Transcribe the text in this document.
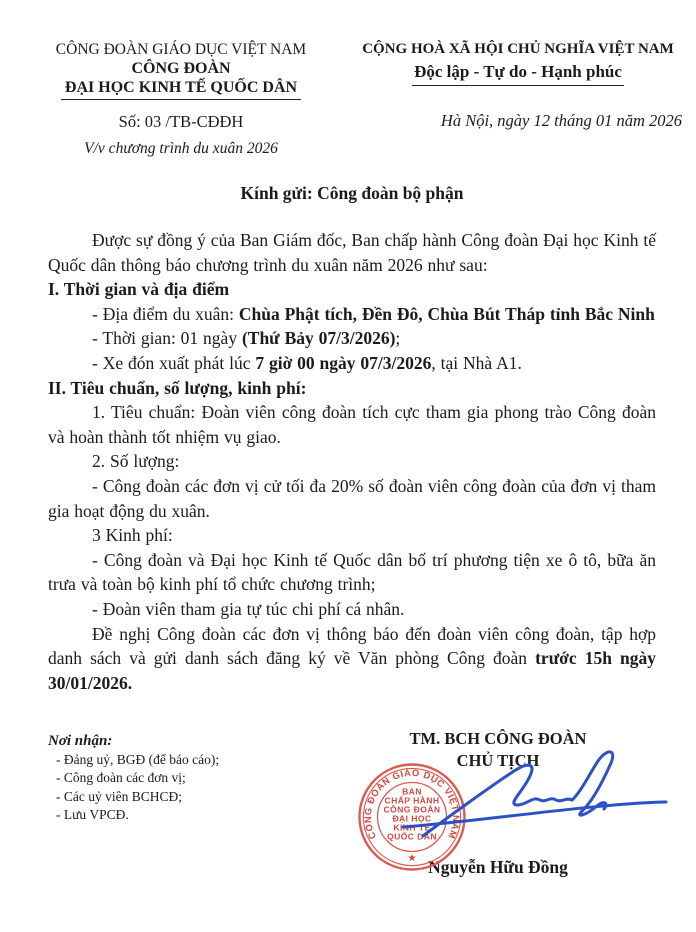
CÔNG ĐOÀN GIÁO DỤC VIỆT NAM
CÔNG ĐOÀN
ĐẠI HỌC KINH TẾ QUỐC DÂN
Số: 03 /TB-CĐĐH
V/v chương trình du xuân 2026
CỘNG HOÀ XÃ HỘI CHỦ NGHĨA VIỆT NAM
Độc lập - Tự do - Hạnh phúc
Hà Nội, ngày 12 tháng 01 năm 2026
Kính gửi: Công đoàn bộ phận

Được sự đồng ý của Ban Giám đốc, Ban chấp hành Công đoàn Đại học Kinh tế Quốc dân thông báo chương trình du xuân năm 2026 như sau:

I. Thời gian và địa điểm
- Địa điểm du xuân: Chùa Phật tích, Đền Đô, Chùa Bút Tháp tỉnh Bắc Ninh
- Thời gian: 01 ngày (Thứ Bảy 07/3/2026);
- Xe đón xuất phát lúc 7 giờ 00 ngày 07/3/2026, tại Nhà A1.
II. Tiêu chuẩn, số lượng, kinh phí:

1. Tiêu chuẩn: Đoàn viên công đoàn tích cực tham gia phong trào Công đoàn và hoàn thành tốt nhiệm vụ giao.

2. Số lượng:

- Công đoàn các đơn vị cử tối đa 20% số đoàn viên công đoàn của đơn vị tham gia hoạt động du xuân.

3 Kinh phí:

- Công đoàn và Đại học Kinh tế Quốc dân bố trí phương tiện xe ô tô, bữa ăn trưa và toàn bộ kinh phí tổ chức chương trình;

- Đoàn viên tham gia tự túc chi phí cá nhân.

Đề nghị Công đoàn các đơn vị thông báo đến đoàn viên công đoàn, tập hợp danh sách và gửi danh sách đăng ký về Văn phòng Công đoàn trước 15h ngày 30/01/2026.

Nơi nhận:
- Đảng uỷ, BGĐ (để báo cáo);
- Công đoàn các đơn vị;
- Các uỷ viên BCHCĐ;
- Lưu VPCĐ.
TM. BCH CÔNG ĐOÀN
CHỦ TỊCH
Nguyễn Hữu Đồng
CÔNG ĐOÀN GIÁO DỤC VIỆT NAM
BAN
CHẤP HÀNH
CÔNG ĐOÀN
ĐẠI HỌC
KINH TẾ
QUỐC DÂN
★
